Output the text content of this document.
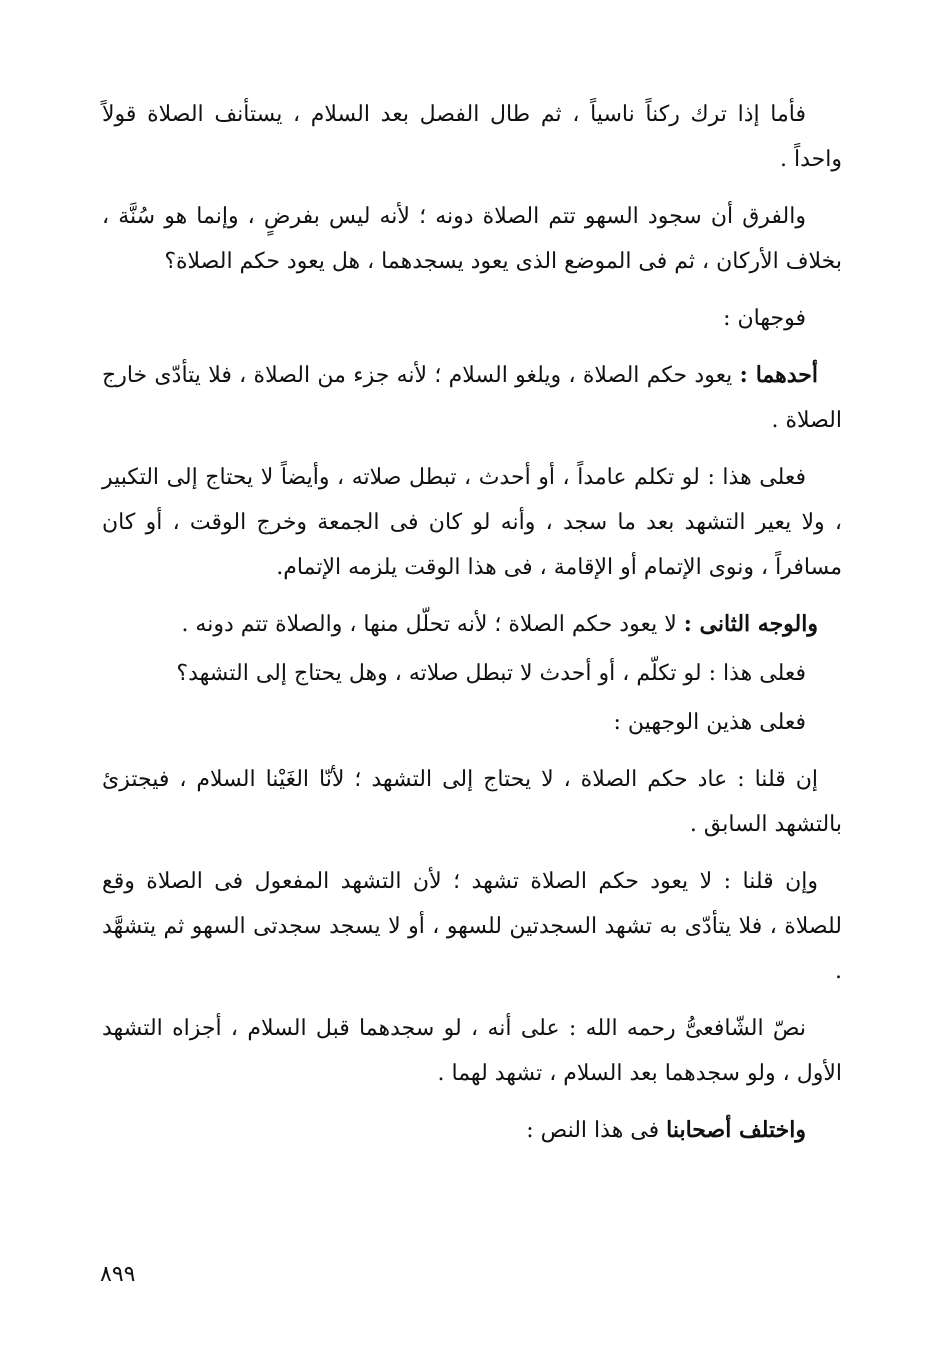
فأما إذا ترك ركناً ناسياً ، ثم طال الفصل بعد السلام ، يستأنف الصلاة قولاً واحداً .

والفرق أن سجود السهو تتم الصلاة دونه ؛ لأنه ليس بفرضٍ ، وإنما هو سُنَّة ، بخلاف الأركان ، ثم فى الموضع الذى يعود يسجدهما ، هل يعود حكم الصلاة؟

فوجهان :

أحدهما : يعود حكم الصلاة ، ويلغو السلام ؛ لأنه جزء من الصلاة ، فلا يتأدّى خارج الصلاة .

فعلى هذا : لو تكلم عامداً ، أو أحدث ، تبطل صلاته ، وأيضاً لا يحتاج إلى التكبير ، ولا يعير التشهد بعد ما سجد ، وأنه لو كان فى الجمعة وخرج الوقت ، أو كان مسافراً ، ونوى الإتمام أو الإقامة ، فى هذا الوقت يلزمه الإتمام.

والوجه الثانى : لا يعود حكم الصلاة ؛ لأنه تحلّل منها ، والصلاة تتم دونه .

فعلى هذا : لو تكلّم ، أو أحدث لا تبطل صلاته ، وهل يحتاج إلى التشهد؟

فعلى هذين الوجهين :

إن قلنا : عاد حكم الصلاة ، لا يحتاج إلى التشهد ؛ لأنّا الغَيْنا السلام ، فيجتزئ بالتشهد السابق .

وإن قلنا : لا يعود حكم الصلاة تشهد ؛ لأن التشهد المفعول فى الصلاة وقع للصلاة ، فلا يتأدّى به تشهد السجدتين للسهو ، أو لا يسجد سجدتى السهو ثم يتشهَّد .

نصّ الشّافعىُّ رحمه الله : على أنه ، لو سجدهما قبل السلام ، أجزاه التشهد الأول ، ولو سجدهما بعد السلام ، تشهد لهما .

واختلف أصحابنا فى هذا النص :

٨٩٩
